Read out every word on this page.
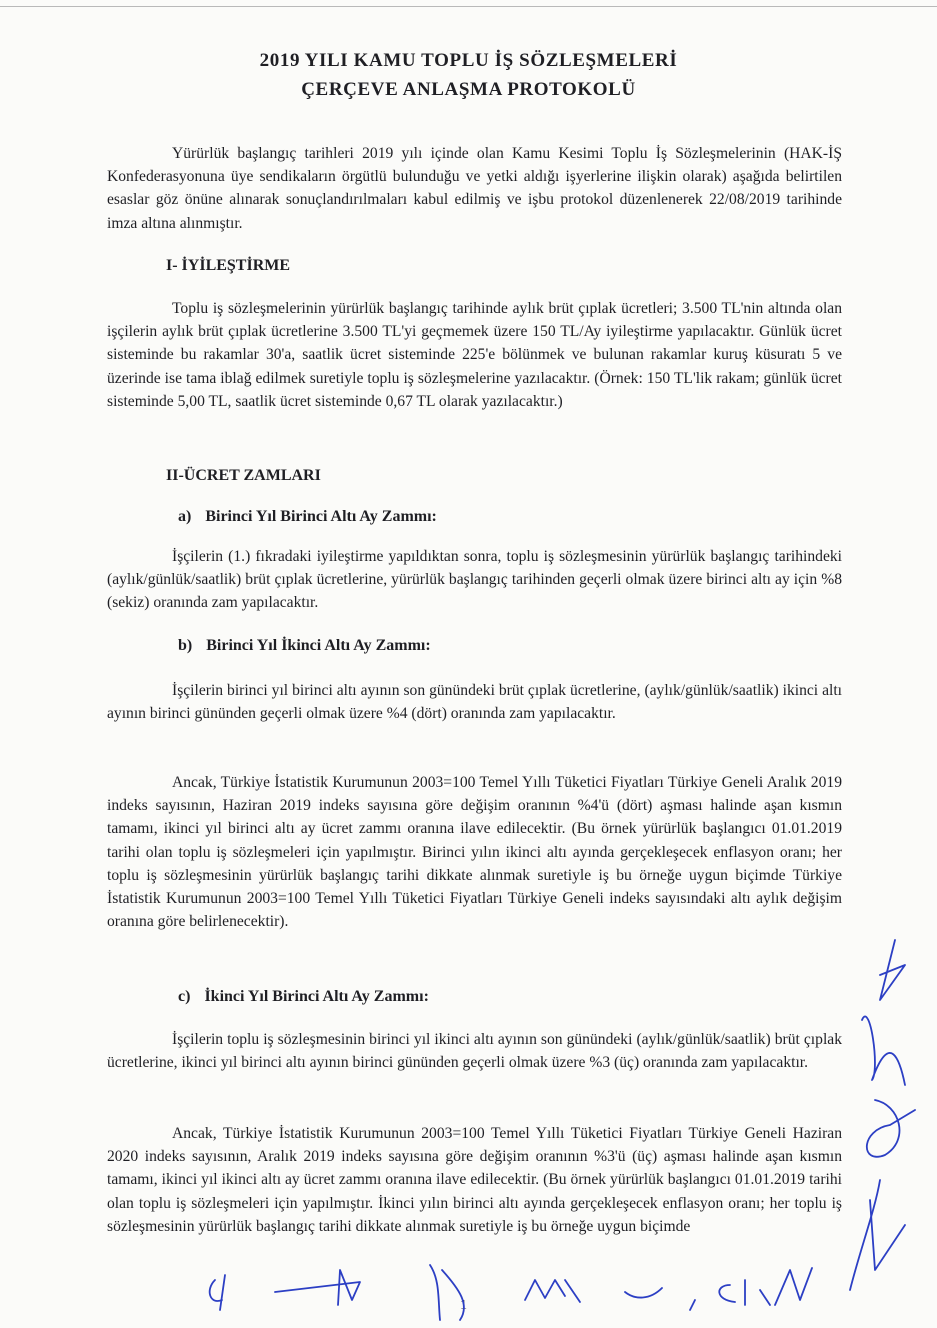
2019 YILI KAMU TOPLU İŞ SÖZLEŞMELERİ
ÇERÇEVE ANLAŞMA PROTOKOLÜ

Yürürlük başlangıç tarihleri 2019 yılı içinde olan Kamu Kesimi Toplu İş Sözleşmelerinin (HAK-İŞ Konfederasyonuna üye sendikaların örgütlü bulunduğu ve yetki aldığı işyerlerine ilişkin olarak) aşağıda belirtilen esaslar göz önüne alınarak sonuçlandırılmaları kabul edilmiş ve işbu protokol düzenlenerek 22/08/2019 tarihinde imza altına alınmıştır.

I- İYİLEŞTİRME

Toplu iş sözleşmelerinin yürürlük başlangıç tarihinde aylık brüt çıplak ücretleri; 3.500 TL'nin altında olan işçilerin aylık brüt çıplak ücretlerine 3.500 TL'yi geçmemek üzere 150 TL/Ay iyileştirme yapılacaktır. Günlük ücret sisteminde bu rakamlar 30'a, saatlik ücret sisteminde 225'e bölünmek ve bulunan rakamlar kuruş küsuratı 5 ve üzerinde ise tama iblağ edilmek suretiyle toplu iş sözleşmelerine yazılacaktır. (Örnek: 150 TL'lik rakam; günlük ücret sisteminde 5,00 TL, saatlik ücret sisteminde 0,67 TL olarak yazılacaktır.)

II-ÜCRET ZAMLARI
a) Birinci Yıl Birinci Altı Ay Zammı:

İşçilerin (1.) fıkradaki iyileştirme yapıldıktan sonra, toplu iş sözleşmesinin yürürlük başlangıç tarihindeki (aylık/günlük/saatlik) brüt çıplak ücretlerine, yürürlük başlangıç tarihinden geçerli olmak üzere birinci altı ay için %8 (sekiz) oranında zam yapılacaktır.

b) Birinci Yıl İkinci Altı Ay Zammı:

İşçilerin birinci yıl birinci altı ayının son günündeki brüt çıplak ücretlerine, (aylık/günlük/saatlik) ikinci altı ayının birinci gününden geçerli olmak üzere %4 (dört) oranında zam yapılacaktır.

Ancak, Türkiye İstatistik Kurumunun 2003=100 Temel Yıllı Tüketici Fiyatları Türkiye Geneli Aralık 2019 indeks sayısının, Haziran 2019 indeks sayısına göre değişim oranının %4'ü (dört) aşması halinde aşan kısmın tamamı, ikinci yıl birinci altı ay ücret zammı oranına ilave edilecektir. (Bu örnek yürürlük başlangıcı 01.01.2019 tarihi olan toplu iş sözleşmeleri için yapılmıştır. Birinci yılın ikinci altı ayında gerçekleşecek enflasyon oranı; her toplu iş sözleşmesinin yürürlük başlangıç tarihi dikkate alınmak suretiyle iş bu örneğe uygun biçimde Türkiye İstatistik Kurumunun 2003=100 Temel Yıllı Tüketici Fiyatları Türkiye Geneli indeks sayısındaki altı aylık değişim oranına göre belirlenecektir).

c) İkinci Yıl Birinci Altı Ay Zammı:

İşçilerin toplu iş sözleşmesinin birinci yıl ikinci altı ayının son günündeki (aylık/günlük/saatlik) brüt çıplak ücretlerine, ikinci yıl birinci altı ayının birinci gününden geçerli olmak üzere %3 (üç) oranında zam yapılacaktır.

Ancak, Türkiye İstatistik Kurumunun 2003=100 Temel Yıllı Tüketici Fiyatları Türkiye Geneli Haziran 2020 indeks sayısının, Aralık 2019 indeks sayısına göre değişim oranının %3'ü (üç) aşması halinde aşan kısmın tamamı, ikinci yıl ikinci altı ay ücret zammı oranına ilave edilecektir. (Bu örnek yürürlük başlangıcı 01.01.2019 tarihi olan toplu iş sözleşmeleri için yapılmıştır. İkinci yılın birinci altı ayında gerçekleşecek enflasyon oranı; her toplu iş sözleşmesinin yürürlük başlangıç tarihi dikkate alınmak suretiyle iş bu örneğe uygun biçimde

1	MK
